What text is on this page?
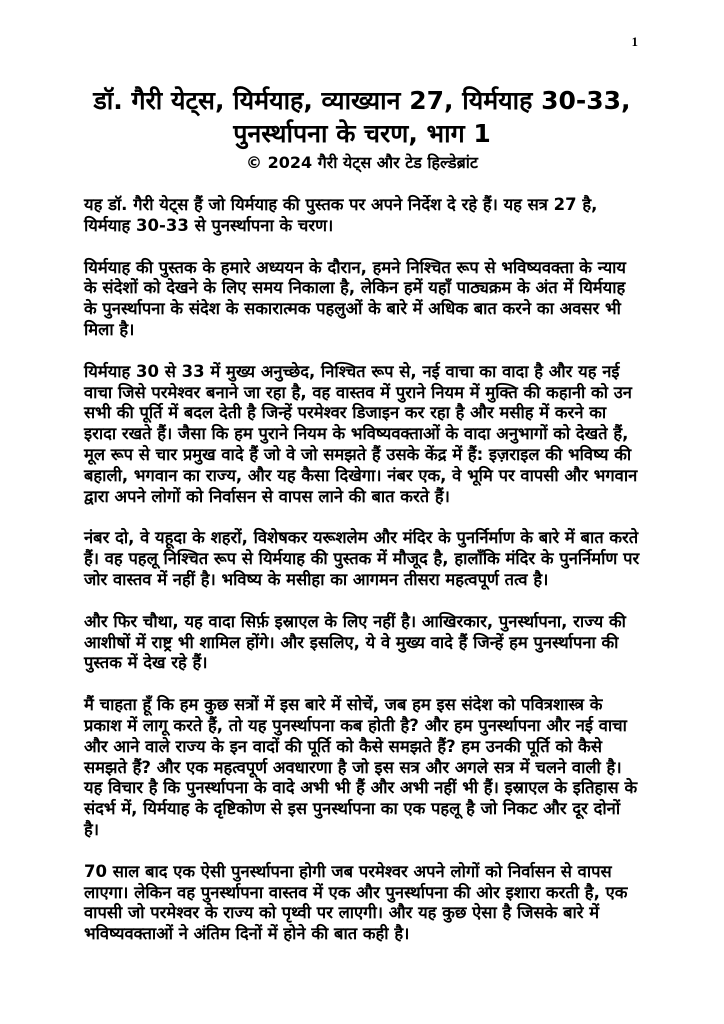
1
डॉ. गैरी येट्स, यिर्मयाह, व्याख्यान 27, यिर्मयाह 30-33,
पुनर्स्थापना के चरण, भाग 1
© 2024 गैरी येट्स और टेड हिल्डेब्रांट

यह डॉ. गैरी येट्स हैं जो यिर्मयाह की पुस्तक पर अपने निर्देश दे रहे हैं। यह सत्र 27 है, यिर्मयाह 30-33 से पुनर्स्थापना के चरण।

यिर्मयाह की पुस्तक के हमारे अध्ययन के दौरान, हमने निश्चित रूप से भविष्यवक्ता के न्याय के संदेशों को देखने के लिए समय निकाला है, लेकिन हमें यहाँ पाठ्यक्रम के अंत में यिर्मयाह के पुनर्स्थापना के संदेश के सकारात्मक पहलुओं के बारे में अधिक बात करने का अवसर भी मिला है।

यिर्मयाह 30 से 33 में मुख्य अनुच्छेद, निश्चित रूप से, नई वाचा का वादा है और यह नई वाचा जिसे परमेश्वर बनाने जा रहा है, वह वास्तव में पुराने नियम में मुक्ति की कहानी को उन सभी की पूर्ति में बदल देती है जिन्हें परमेश्वर डिजाइन कर रहा है और मसीह में करने का इरादा रखते हैं। जैसा कि हम पुराने नियम के भविष्यवक्ताओं के वादा अनुभागों को देखते हैं, मूल रूप से चार प्रमुख वादे हैं जो वे जो समझते हैं उसके केंद्र में हैं: इज़राइल की भविष्य की बहाली, भगवान का राज्य, और यह कैसा दिखेगा। नंबर एक, वे भूमि पर वापसी और भगवान द्वारा अपने लोगों को निर्वासन से वापस लाने की बात करते हैं।

नंबर दो, वे यहूदा के शहरों, विशेषकर यरूशलेम और मंदिर के पुनर्निर्माण के बारे में बात करते हैं। वह पहलू निश्चित रूप से यिर्मयाह की पुस्तक में मौजूद है, हालाँकि मंदिर के पुनर्निर्माण पर जोर वास्तव में नहीं है। भविष्य के मसीहा का आगमन तीसरा महत्वपूर्ण तत्व है।

और फिर चौथा, यह वादा सिर्फ़ इस्राएल के लिए नहीं है। आखिरकार, पुनर्स्थापना, राज्य की आशीषों में राष्ट्र भी शामिल होंगे। और इसलिए, ये वे मुख्य वादे हैं जिन्हें हम पुनर्स्थापना की पुस्तक में देख रहे हैं।

मैं चाहता हूँ कि हम कुछ सत्रों में इस बारे में सोचें, जब हम इस संदेश को पवित्रशास्त्र के प्रकाश में लागू करते हैं, तो यह पुनर्स्थापना कब होती है? और हम पुनर्स्थापना और नई वाचा और आने वाले राज्य के इन वादों की पूर्ति को कैसे समझते हैं? हम उनकी पूर्ति को कैसे समझते हैं? और एक महत्वपूर्ण अवधारणा है जो इस सत्र और अगले सत्र में चलने वाली है। यह विचार है कि पुनर्स्थापना के वादे अभी भी हैं और अभी नहीं भी हैं। इस्राएल के इतिहास के संदर्भ में, यिर्मयाह के दृष्टिकोण से इस पुनर्स्थापना का एक पहलू है जो निकट और दूर दोनों है।

70 साल बाद एक ऐसी पुनर्स्थापना होगी जब परमेश्वर अपने लोगों को निर्वासन से वापस लाएगा। लेकिन वह पुनर्स्थापना वास्तव में एक और पुनर्स्थापना की ओर इशारा करती है, एक वापसी जो परमेश्वर के राज्य को पृथ्वी पर लाएगी। और यह कुछ ऐसा है जिसके बारे में भविष्यवक्ताओं ने अंतिम दिनों में होने की बात कही है।
